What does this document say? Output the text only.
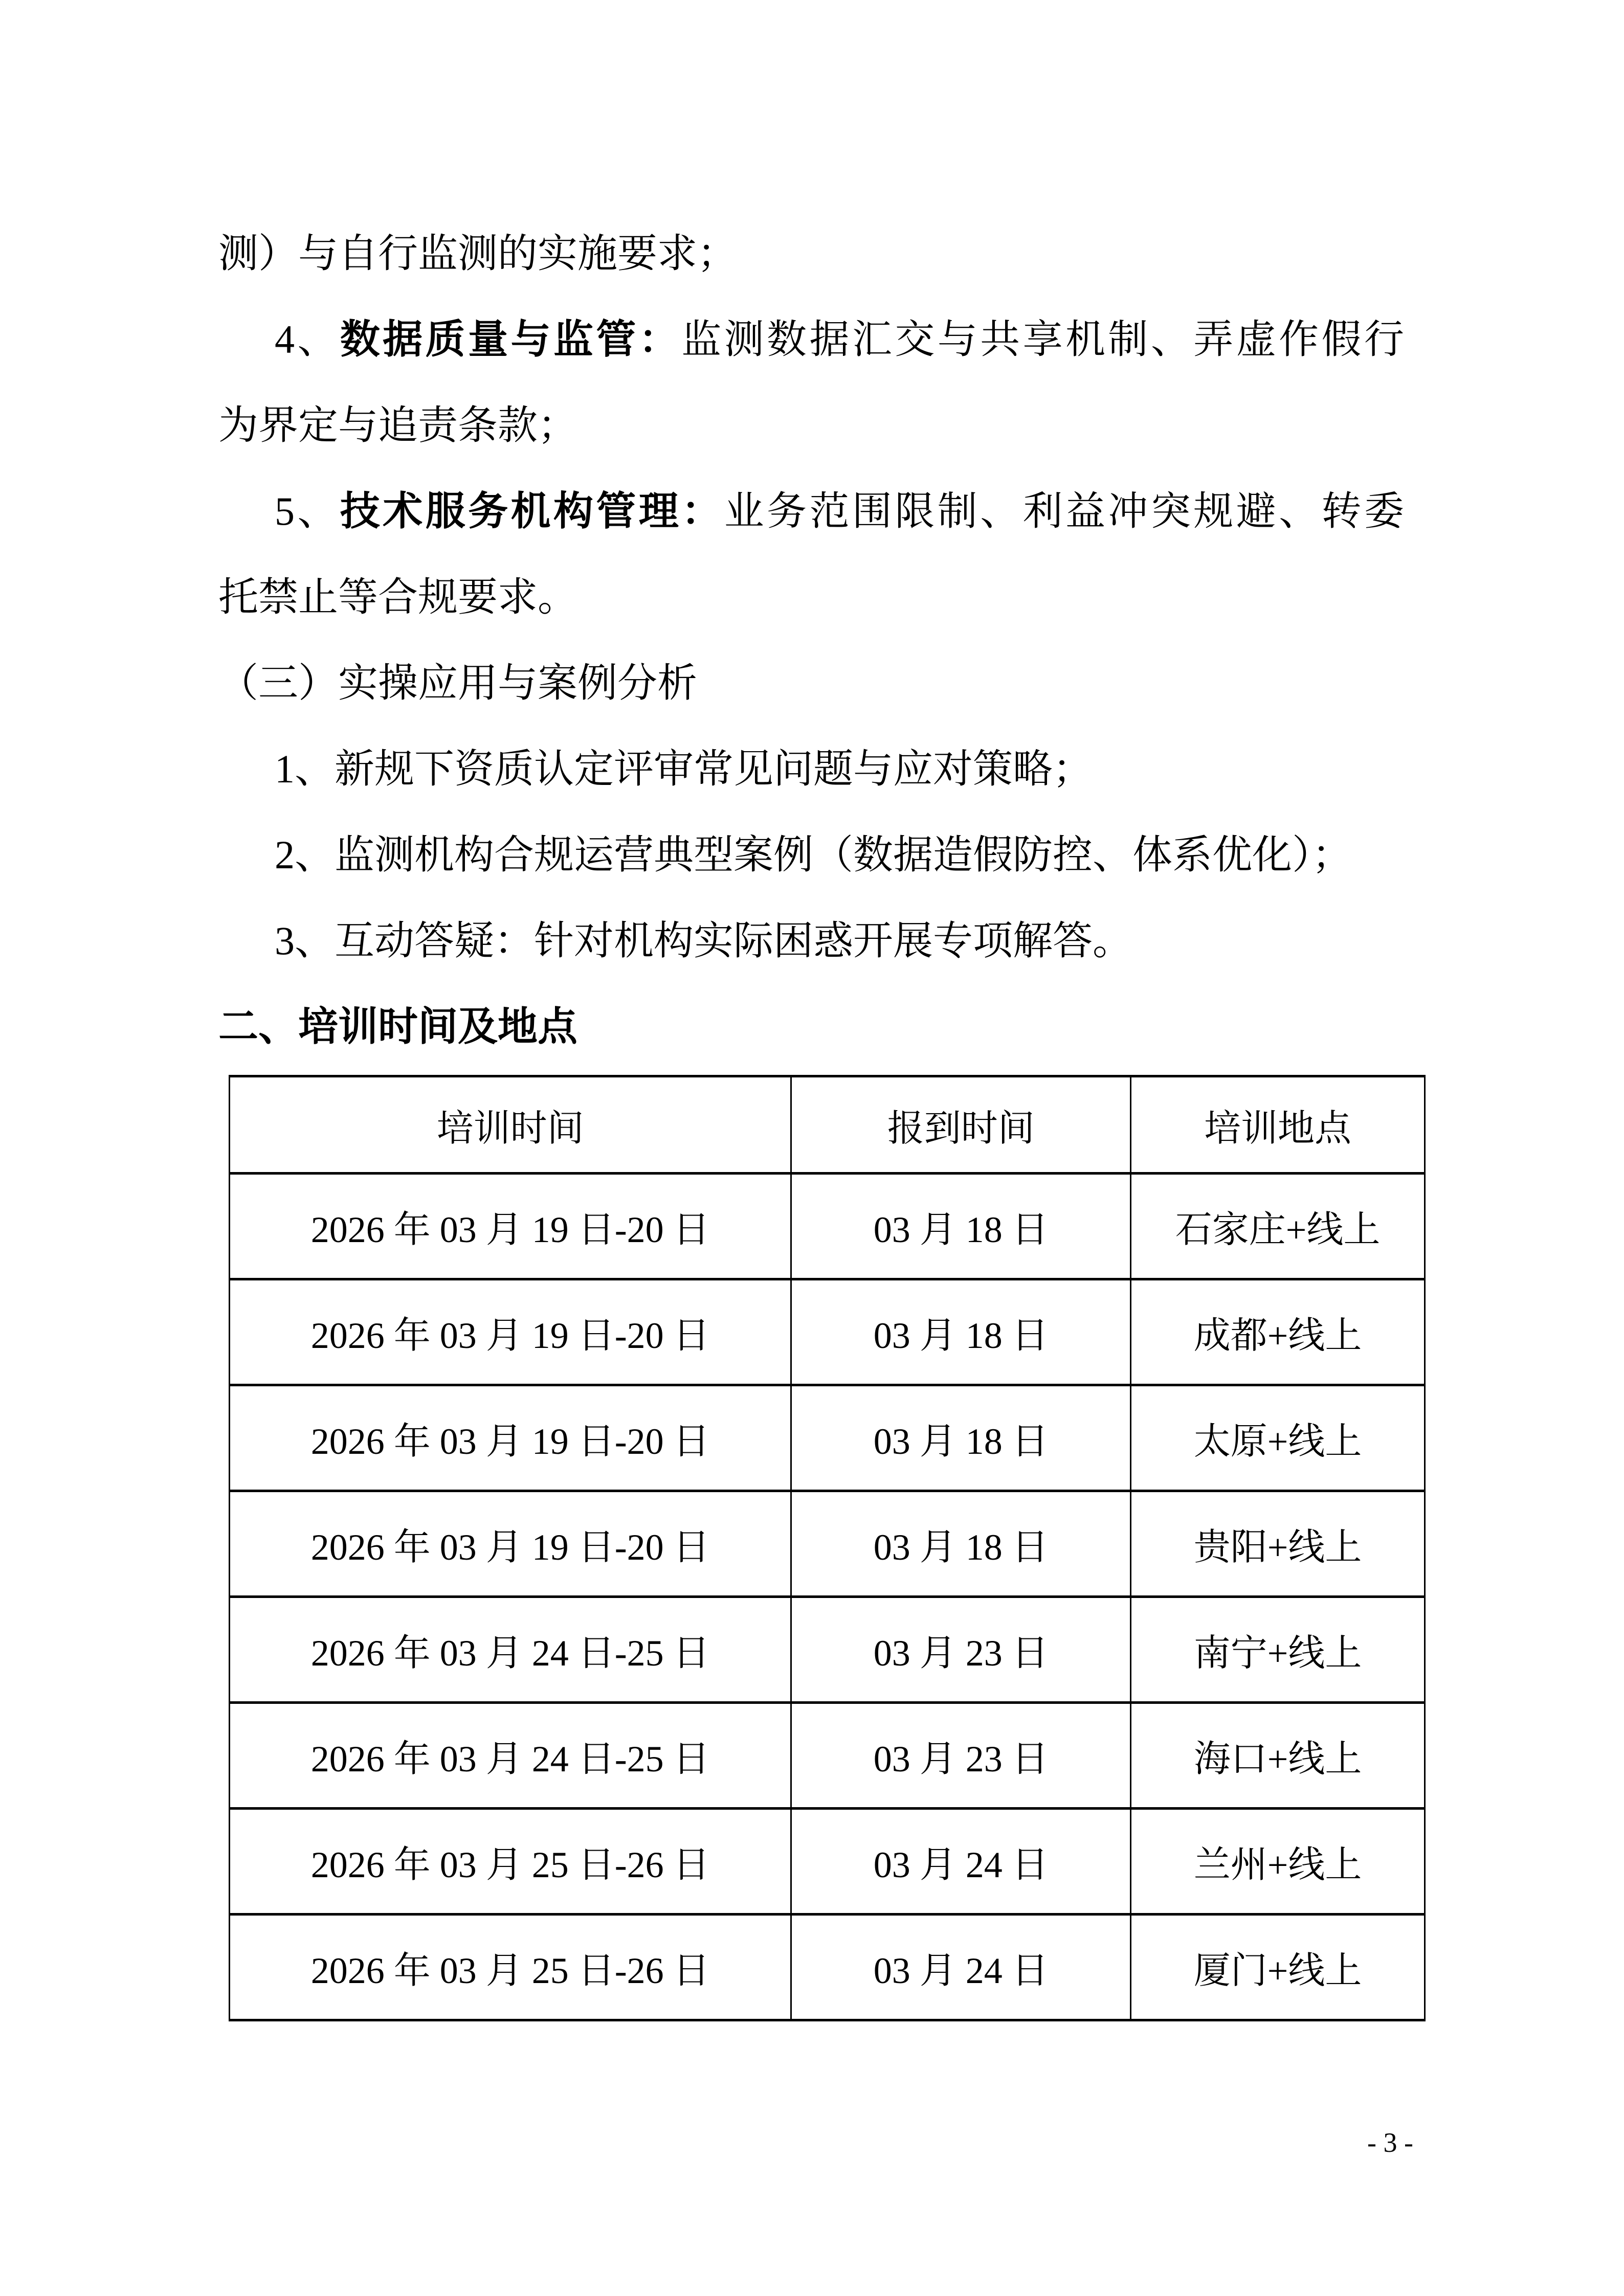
测）与自行监测的实施要求；
4、数据质量与监管：监测数据汇交与共享机制、弄虚作假行
为界定与追责条款；
5、技术服务机构管理：业务范围限制、利益冲突规避、转委
托禁止等合规要求。
（三）实操应用与案例分析
1、新规下资质认定评审常见问题与应对策略；
2、监测机构合规运营典型案例（数据造假防控、体系优化）；
3、互动答疑：针对机构实际困惑开展专项解答。
二、培训时间及地点
培训时间	报到时间	培训地点
2026 年 03 月 19 日-20 日	03 月 18 日	石家庄+线上
2026 年 03 月 19 日-20 日	03 月 18 日	成都+线上
2026 年 03 月 19 日-20 日	03 月 18 日	太原+线上
2026 年 03 月 19 日-20 日	03 月 18 日	贵阳+线上
2026 年 03 月 24 日-25 日	03 月 23 日	南宁+线上
2026 年 03 月 24 日-25 日	03 月 23 日	海口+线上
2026 年 03 月 25 日-26 日	03 月 24 日	兰州+线上
2026 年 03 月 25 日-26 日	03 月 24 日	厦门+线上
- 3 -
